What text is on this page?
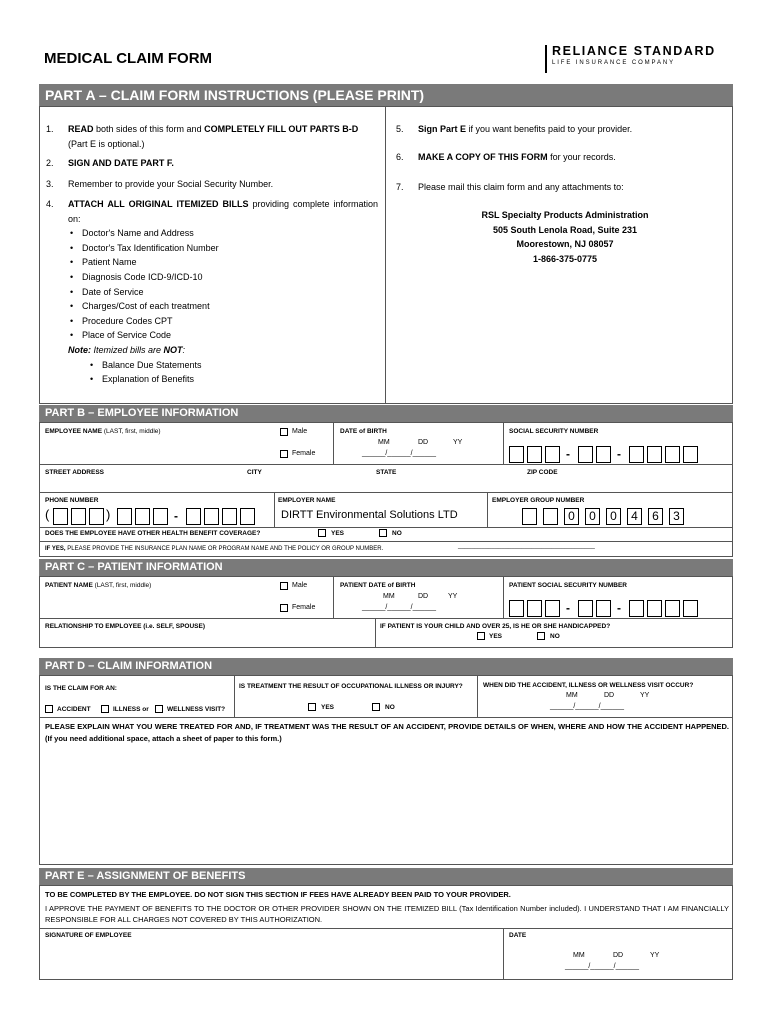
MEDICAL CLAIM FORM	RELIANCE STANDARD
LIFE INSURANCE COMPANY
PART A – CLAIM FORM INSTRUCTIONS (PLEASE PRINT)
1.	READ both sides of this form and COMPLETELY FILL OUT PARTS B-D (Part E is optional.)
2.	SIGN AND DATE PART F.
3.	Remember to provide your Social Security Number.
4.	ATTACH ALL ORIGINAL ITEMIZED BILLS providing complete information on:
• Doctor's Name and Address
• Doctor's Tax Identification Number
• Patient Name
• Diagnosis Code ICD-9/ICD-10
• Date of Service
• Charges/Cost of each treatment
• Procedure Codes CPT
• Place of Service Code
Note: Itemized bills are NOT:
• Balance Due Statements
• Explanation of Benefits
5.	Sign Part E if you want benefits paid to your provider.
6.	MAKE A COPY OF THIS FORM for your records.
7.	Please mail this claim form and any attachments to:
RSL Specialty Products Administration
505 South Lenola Road, Suite 231
Moorestown, NJ 08057
1-866-375-0775
PART B – EMPLOYEE INFORMATION
EMPLOYEE NAME (LAST, first, middle)	Male
Female
DATE of BIRTH
MM	DD	YY
______/______/______
SOCIAL SECURITY NUMBER
-	-
STREET ADDRESS	CITY	STATE	ZIP CODE
PHONE NUMBER
(	)	-
EMPLOYER NAME
DIRTT Environmental Solutions LTD
EMPLOYER GROUP NUMBER
0	0	0	4	6	3
DOES THE EMPLOYEE HAVE OTHER HEALTH BENEFIT COVERAGE?	YES	NO
IF YES, PLEASE PROVIDE THE INSURANCE PLAN NAME OR PROGRAM NAME AND THE POLICY OR GROUP NUMBER.	_________________________________________
PART C – PATIENT INFORMATION
PATIENT NAME (LAST, first, middle)	Male
Female
PATIENT DATE of BIRTH
MM	DD	YY
______/______/______
PATIENT SOCIAL SECURITY NUMBER
-	-
RELATIONSHIP TO EMPLOYEE (i.e. SELF, SPOUSE)	IF PATIENT IS YOUR CHILD AND OVER 25, IS HE OR SHE HANDICAPPED?
YES	NO
PART D – CLAIM INFORMATION
IS THE CLAIM FOR AN:
ACCIDENT	ILLNESS or	WELLNESS VISIT?
IS TREATMENT THE RESULT OF OCCUPATIONAL ILLNESS OR INJURY?
YES	NO
WHEN DID THE ACCIDENT, ILLNESS OR WELLNESS VISIT OCCUR?
MM	DD	YY
______/______/______
PLEASE EXPLAIN WHAT YOU WERE TREATED FOR AND, IF TREATMENT WAS THE RESULT OF AN ACCIDENT, PROVIDE DETAILS OF WHEN, WHERE AND HOW THE ACCIDENT HAPPENED. (If you need additional space, attach a sheet of paper to this form.)
PART E – ASSIGNMENT OF BENEFITS
TO BE COMPLETED BY THE EMPLOYEE. DO NOT SIGN THIS SECTION IF FEES HAVE ALREADY BEEN PAID TO YOUR PROVIDER.
I APPROVE THE PAYMENT OF BENEFITS TO THE DOCTOR OR OTHER PROVIDER SHOWN ON THE ITEMIZED BILL (Tax Identification Number included). I UNDERSTAND THAT I AM FINANCIALLY RESPONSIBLE FOR ALL CHARGES NOT COVERED BY THIS AUTHORIZATION.
SIGNATURE OF EMPLOYEE	DATE
MM	DD	YY
______/______/______
